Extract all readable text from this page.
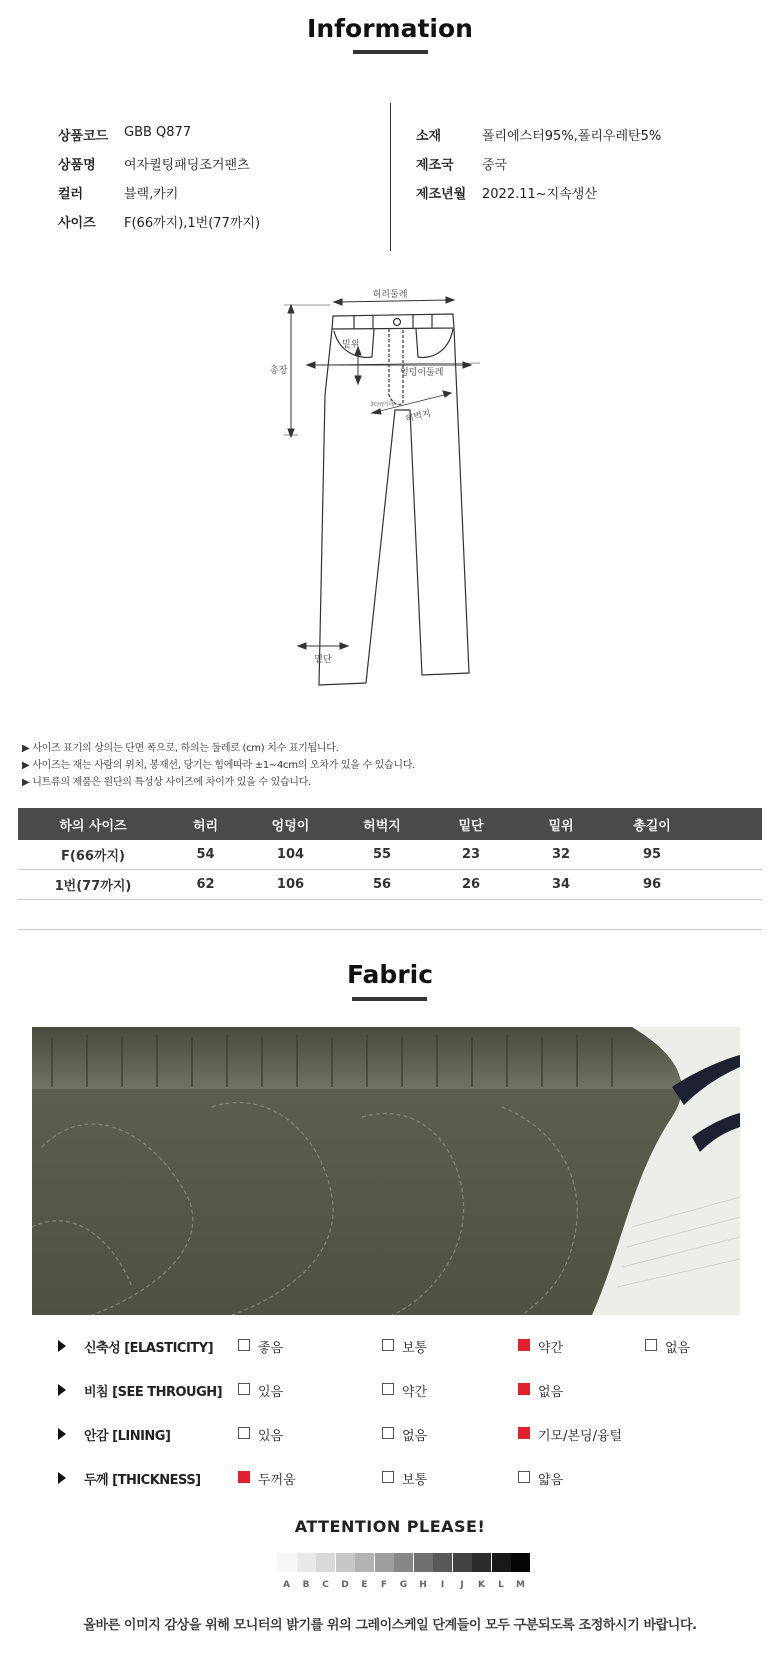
Information
상품코드 GBB Q877
상품명 여자퀼팅패딩조거팬츠
컬러	블랙,카키
사이즈 F(66까지),1번(77까지)
소재	폴리에스터95%,폴리우레탄5%
제조국 중국
제조년월 2022.11~지속생산
허리둘레
총장
밑위
엉덩이둘레
3cm아래
허벅지
밑단
▶ 사이즈 표기의 상의는 단면 폭으로, 하의는 둘레로 (cm) 치수 표기됩니다.
▶ 사이즈는 재는 사람의 위치, 봉재선, 당기는 힘에따라 ±1~4cm의 오차가 있을 수 있습니다.
▶ 니트류의 제품은 원단의 특성상 사이즈에 차이가 있을 수 있습니다.
하의 사이즈	허리	엉덩이	허벅지	밑단	밑위	총길이	
F(66까지)	54	104	55	23	32	95	
1번(77까지)	62	106	56	26	34	96	

Fabric
신축성 [ELASTICITY]	좋음	보통	약간	없음
비침 [SEE THROUGH]	있음	약간	없음
안감 [LINING]	있음	없음	기모/본딩/융털
두께 [THICKNESS]	두꺼움	보통	얇음
ATTENTION PLEASE!
A	B	C	D	E	F	G	H	I	J	K	L	M
올바른 이미지 감상을 위해 모니터의 밝기를 위의 그레이스케일 단계들이 모두 구분되도록 조정하시기 바랍니다.
